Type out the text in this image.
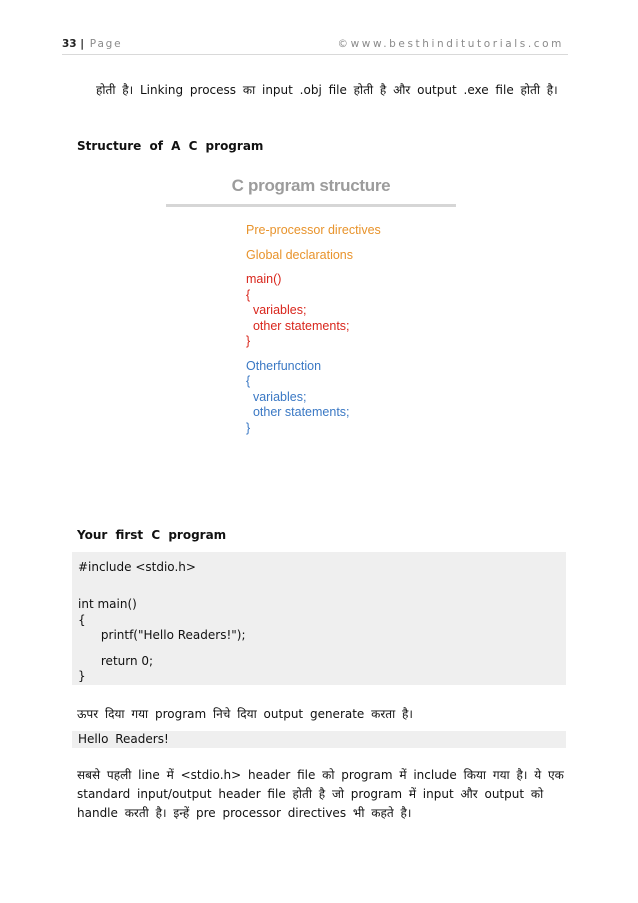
33 | Page	©www.besthinditutorials.com
होती है। Linking process का input .obj file होती है और output .exe file होती है।
Structure of A C program
C program structure
Pre-processor directives
Global declarations
main()
{
variables;
other statements;
}
Otherfunction
{
variables;
other statements;
}
Your first C program
#include <stdio.h>
int main()
{
printf("Hello Readers!");
return 0;
}
ऊपर दिया गया program निचे दिया output generate करता है।
Hello Readers!
सबसे पहली line में <stdio.h> header file को program में include किया गया है। ये एक standard input/output header file होती है जो program में input और output को handle करती है। इन्हें pre processor directives भी कहते है।
